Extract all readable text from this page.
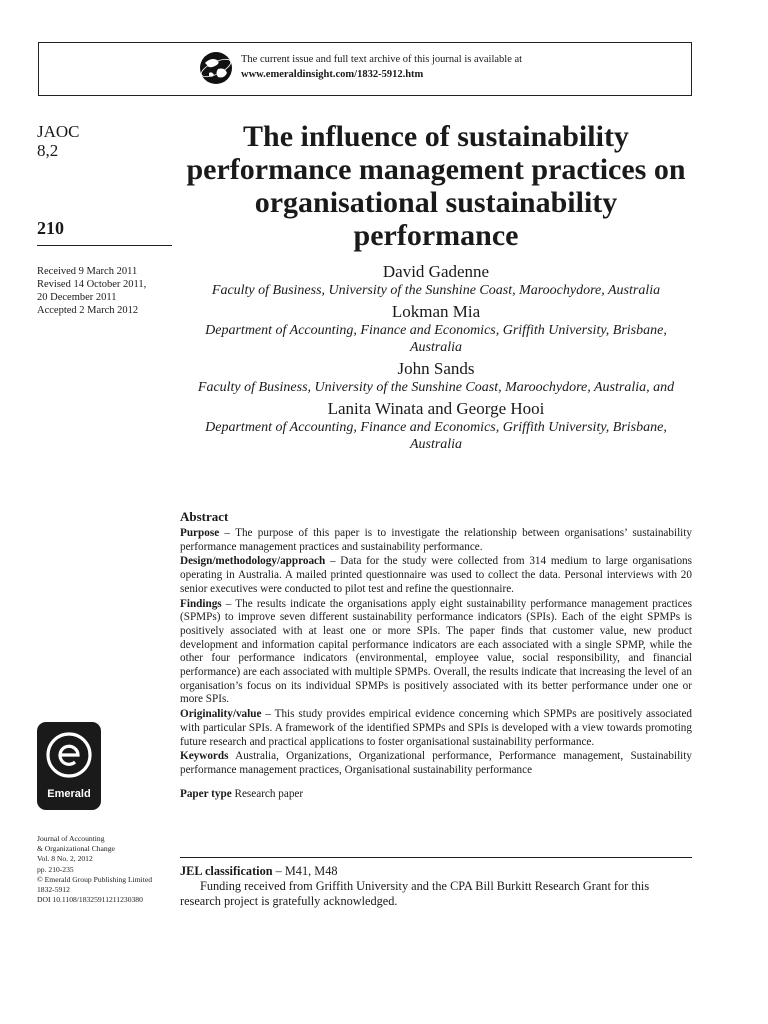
The current issue and full text archive of this journal is available at
www.emeraldinsight.com/1832-5912.htm
JAOC
8,2
210
Received 9 March 2011
Revised 14 October 2011,
20 December 2011
Accepted 2 March 2012
The influence of sustainability performance management practices on organisational sustainability performance
David Gadenne
Faculty of Business, University of the Sunshine Coast, Maroochydore, Australia
Lokman Mia
Department of Accounting, Finance and Economics, Griffith University, Brisbane, Australia
John Sands
Faculty of Business, University of the Sunshine Coast, Maroochydore, Australia, and
Lanita Winata and George Hooi
Department of Accounting, Finance and Economics, Griffith University, Brisbane, Australia
Abstract

Purpose – The purpose of this paper is to investigate the relationship between organisations’ sustainability performance management practices and sustainability performance.

Design/methodology/approach – Data for the study were collected from 314 medium to large organisations operating in Australia. A mailed printed questionnaire was used to collect the data. Personal interviews with 20 senior executives were conducted to pilot test and refine the questionnaire.

Findings – The results indicate the organisations apply eight sustainability performance management practices (SPMPs) to improve seven different sustainability performance indicators (SPIs). Each of the eight SPMPs is positively associated with at least one or more SPIs. The paper finds that customer value, new product development and information capital performance indicators are each associated with a single SPMP, while the other four performance indicators (environmental, employee value, social responsibility, and financial performance) are each associated with multiple SPMPs. Overall, the results indicate that increasing the level of an organisation’s focus on its individual SPMPs is positively associated with its better performance under one or more SPIs.

Originality/value – This study provides empirical evidence concerning which SPMPs are positively associated with particular SPIs. A framework of the identified SPMPs and SPIs is developed with a view towards promoting future research and practical applications to foster organisational sustainability performance.

Keywords Australia, Organizations, Organizational performance, Performance management, Sustainability performance management practices, Organisational sustainability performance

Paper type Research paper

Emerald
Journal of Accounting
& Organizational Change
Vol. 8 No. 2, 2012
pp. 210-235
© Emerald Group Publishing Limited
1832-5912
DOI 10.1108/18325911211230380
JEL classification – M41, M48
Funding received from Griffith University and the CPA Bill Burkitt Research Grant for this research project is gratefully acknowledged.
